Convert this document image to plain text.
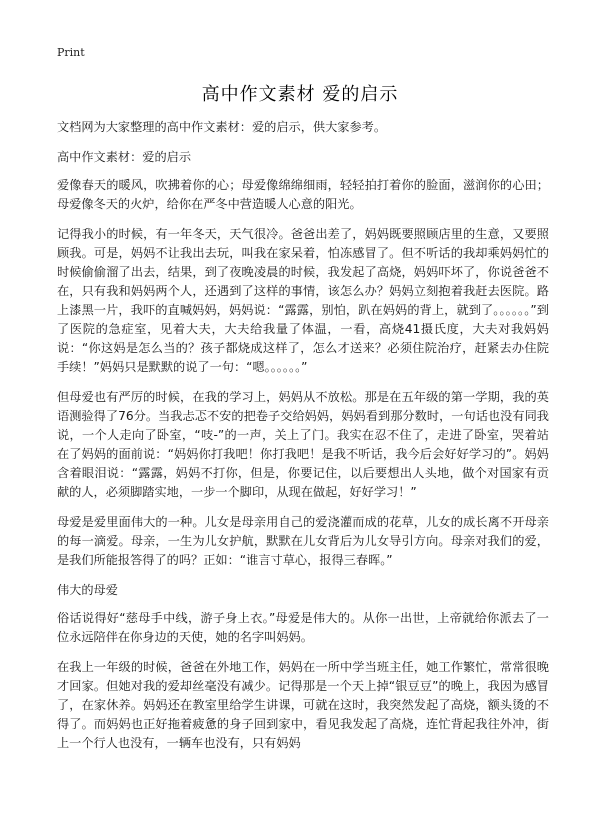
Print
高中作文素材 爱的启示

文档网为大家整理的高中作文素材：爱的启示，供大家参考。

高中作文素材：爱的启示

爱像春天的暖风，吹拂着你的心；母爱像绵绵细雨，轻轻拍打着你的脸面，滋润你的心田；母爱像冬天的火炉，给你在严冬中营造暖人心意的阳光。

记得我小的时候，有一年冬天，天气很冷。爸爸出差了，妈妈既要照顾店里的生意，又要照顾我。可是，妈妈不让我出去玩，叫我在家呆着，怕冻感冒了。但不听话的我却乘妈妈忙的时候偷偷溜了出去，结果，到了夜晚凌晨的时候，我发起了高烧，妈妈吓坏了，你说爸爸不在，只有我和妈妈两个人，还遇到了这样的事情，该怎么办？妈妈立刻抱着我赶去医院。路上漆黑一片，我吓的直喊妈妈，妈妈说：“露露，别怕，趴在妈妈的背上，就到了。。。。。。”到了医院的急症室，见着大夫，大夫给我量了体温，一看，高烧41摄氏度，大夫对我妈妈说：“你这妈是怎么当的？孩子都烧成这样了，怎么才送来？必须住院治疗，赶紧去办住院手续！”妈妈只是默默的说了一句：“嗯。。。。。。”

但母爱也有严厉的时候，在我的学习上，妈妈从不放松。那是在五年级的第一学期，我的英语测验得了76分。当我忐忑不安的把卷子交给妈妈，妈妈看到那分数时，一句话也没有同我说，一个人走向了卧室，“吱-”的一声，关上了门。我实在忍不住了，走进了卧室，哭着站在了妈妈的面前说：“妈妈你打我吧！你打我吧！是我不听话，我今后会好好学习的”。妈妈含着眼泪说：“露露，妈妈不打你，但是，你要记住，以后要想出人头地，做个对国家有贡献的人，必须脚踏实地，一步一个脚印，从现在做起，好好学习！”

母爱是爱里面伟大的一种。儿女是母亲用自己的爱浇灌而成的花草，儿女的成长离不开母亲的每一滴爱。母亲，一生为儿女护航，默默在儿女背后为儿女导引方向。母亲对我们的爱，是我们所能报答得了的吗？正如：“谁言寸草心，报得三春晖。”

伟大的母爱

俗话说得好“慈母手中线，游子身上衣。”母爱是伟大的。从你一出世，上帝就给你派去了一位永远陪伴在你身边的天使，她的名字叫妈妈。

在我上一年级的时候，爸爸在外地工作，妈妈在一所中学当班主任，她工作繁忙，常常很晚才回家。但她对我的爱却丝毫没有减少。记得那是一个天上掉“银豆豆”的晚上，我因为感冒了，在家休养。妈妈还在教室里给学生讲课，可就在这时，我突然发起了高烧，额头烫的不得了。而妈妈也正好拖着疲惫的身子回到家中，看见我发起了高烧，连忙背起我往外冲，街上一个行人也没有，一辆车也没有，只有妈妈
